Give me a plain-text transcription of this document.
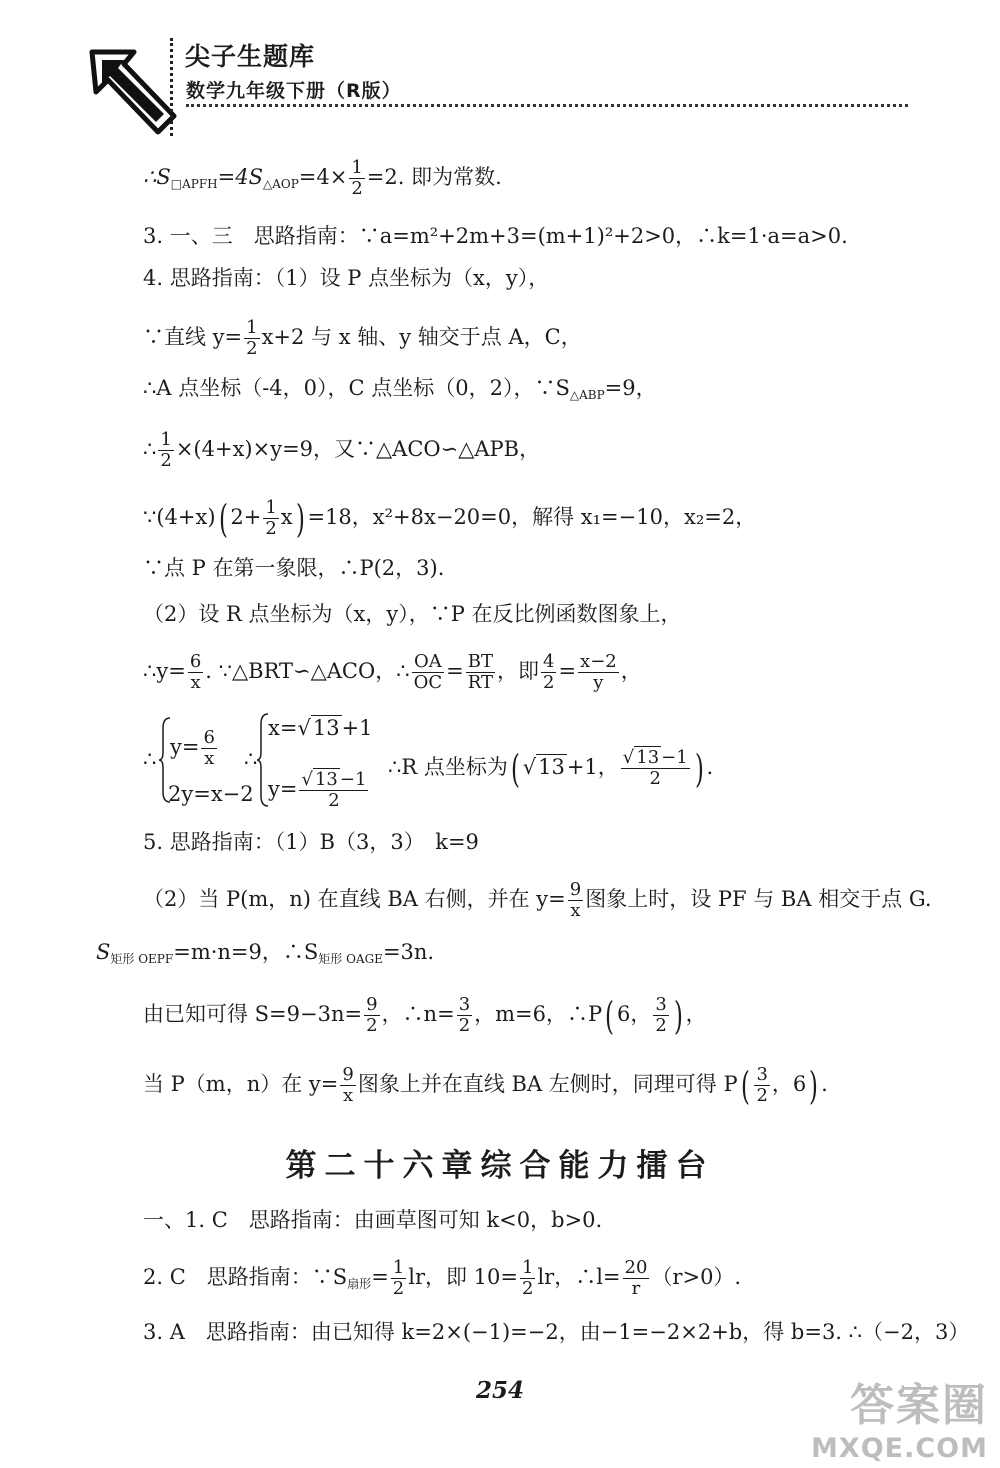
尖子生题库
数学九年级下册（R版）
$\therefore S_{□APFH}=4S_{\triangle AOP}=4\times \frac{1}{2} =2$. 即为常数.
3. 一、三　思路指南：∵a=m²+2m+3=(m+1)²+2>0，∴k=1·a=a>0.
4. 思路指南：（1）设 P 点坐标为（x，y），
∵直线 $y= \frac{1}{2} x+2$ 与 x 轴、y 轴交于点 A，C，
∴A 点坐标（-4，0），C 点坐标（0，2），$\because S_{\triangle ABP}=9$，
∴ $\frac{1}{2} \times(4+x)\times y=9$，又∵△ACO∽△APB，
∵(4+x)( $2+ \frac{1}{2} x) =18$，x²+8x−20=0，解得 x₁=−10，x₂=2，
∵点 P 在第一象限，∴P(2，3).
（2）设 R 点坐标为（x，y），∵P 在反比例函数图象上，
∴y= $\frac{6}{x}$ . ∵△BRT∽△ACO，∴ $\frac{OA}{OC} = \frac{BT}{RT}$ ，即 $\frac{4}{2} = \frac{x-2}{y}$ ，
∴ $y= \frac{6}{x}$
2y=x−2
∴
x=√13+1
$y= \frac{√ 13 -1}{2}$
∴R 点坐标为( √13+1， $\frac{√ 13 -1}{2}$ ) .
5. 思路指南：（1）B（3，3）　k=9
（2）当 P(m，n) 在直线 BA 右侧，并在 $y= \frac{9}{x}$ 图象上时，设 PF 与 BA 相交于点 G.
$S_{矩形 OEPF}=m\cdot n=9$，$\therefore S_{矩形 OAGE}=3n$.
由已知可得 $S=9-3n= \frac{9}{2}$ ，∴n= $\frac{3}{2}$ ，m=6，∴P( 6， $\frac{3}{2}$ ) ，
当 P（m，n）在 $y= \frac{9}{x}$ 图象上并在直线 BA 左侧时，同理可得 $P( \frac{3}{2}$ ，6) .
第二十六章综合能力擂台
一、1. C　思路指南：由画草图可知 k<0，b>0.
2. C　思路指南：$\because S_{扇形}= \frac{1}{2}$ lr，即 $10= \frac{1}{2}$ lr，∴l= $\frac{20}{r} (r>0)$.
3. A　思路指南：由已知得 k=2×(−1)=−2，由−1=−2×2+b，得 b=3. ∴（−2，3）
254	答案圈
MXQE.COM
